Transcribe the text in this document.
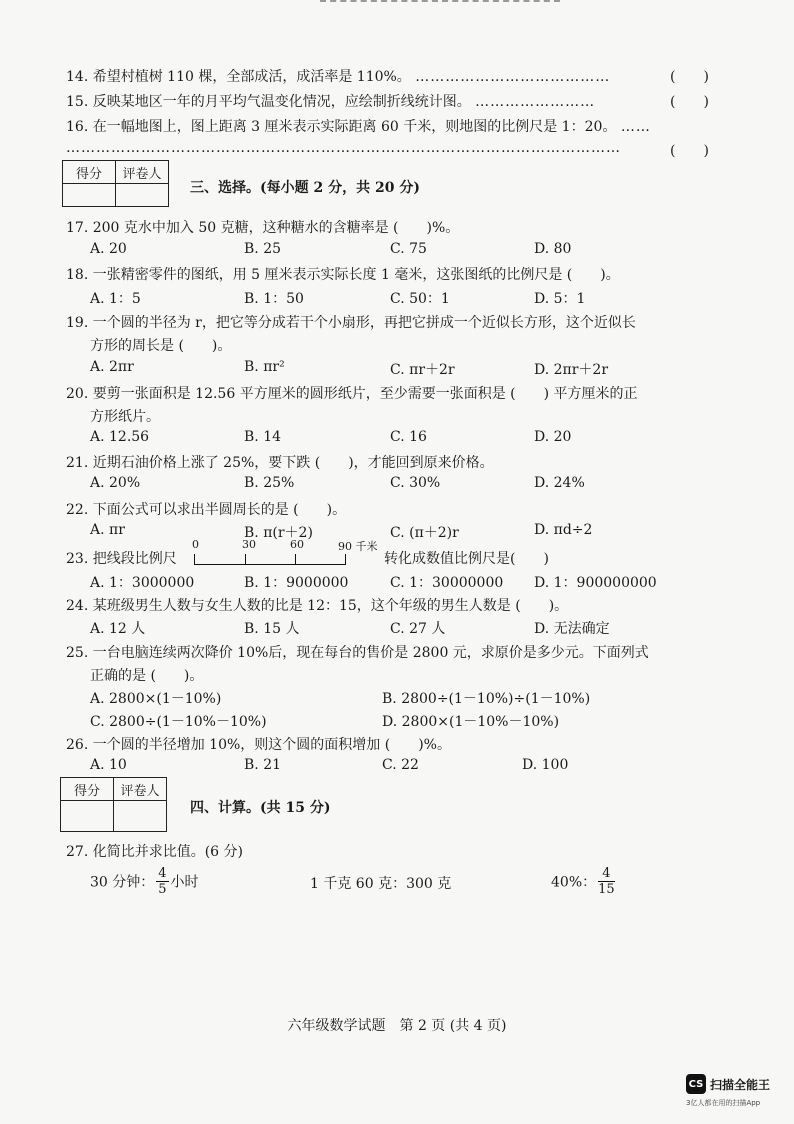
14. 希望村植树 110 棵，全部成活，成活率是 110%。 …………………………………	(　　)
15. 反映某地区一年的月平均气温变化情况，应绘制折线统计图。 ……………………	(　　)
16. 在一幅地图上，图上距离 3 厘米表示实际距离 60 千米，则地图的比例尺是 1：20。 ……
…………………………………………………………………………………………………	(　　)
得分	评卷人

三、选择。(每小题 2 分，共 20 分)
17. 200 克水中加入 50 克糖，这种糖水的含糖率是 (　　)%。
A. 20	B. 25	C. 75	D. 80
18. 一张精密零件的图纸，用 5 厘米表示实际长度 1 毫米，这张图纸的比例尺是 (　　)。
A. 1：5	B. 1：50	C. 50：1	D. 5：1
19. 一个圆的半径为 r，把它等分成若干个小扇形，再把它拼成一个近似长方形，这个近似长
方形的周长是 (　　)。
A. 2πr	B. πr²	C. πr＋2r	D. 2πr＋2r
20. 要剪一张面积是 12.56 平方厘米的圆形纸片，至少需要一张面积是 (　　) 平方厘米的正
方形纸片。
A. 12.56	B. 14	C. 16	D. 20
21. 近期石油价格上涨了 25%，要下跌 (　　)，才能回到原来价格。
A. 20%	B. 25%	C. 30%	D. 24%
22. 下面公式可以求出半圆周长的是 (　　)。
A. πr	B. π(r＋2)	C. (π＋2)r	D. πd÷2
23. 把线段比例尺
0	30	60	90 千米
转化成数值比例尺是(　　)
A. 1：3000000	B. 1：9000000	C. 1：30000000 D. 1：900000000
24. 某班级男生人数与女生人数的比是 12：15，这个年级的男生人数是 (　　)。
A. 12 人	B. 15 人	C. 27 人	D. 无法确定
25. 一台电脑连续两次降价 10%后，现在每台的售价是 2800 元，求原价是多少元。下面列式
正确的是 (　　)。
A. 2800×(1－10%)	B. 2800÷(1－10%)÷(1－10%)
C. 2800÷(1－10%－10%)	D. 2800×(1－10%－10%)
26. 一个圆的半径增加 10%，则这个圆的面积增加 (　　)%。
A. 10	B. 21	C. 22	D. 100
得分	评卷人

四、计算。(共 15 分)
27. 化简比并求比值。(6 分)
30 分钟： $\frac{4}{5}$ 小时	1 千克 60 克：300 克	40%： $\frac{4}{15}$
六年级数学试题　第 2 页 (共 4 页)
CS 扫描全能王
3亿人都在用的扫描App
